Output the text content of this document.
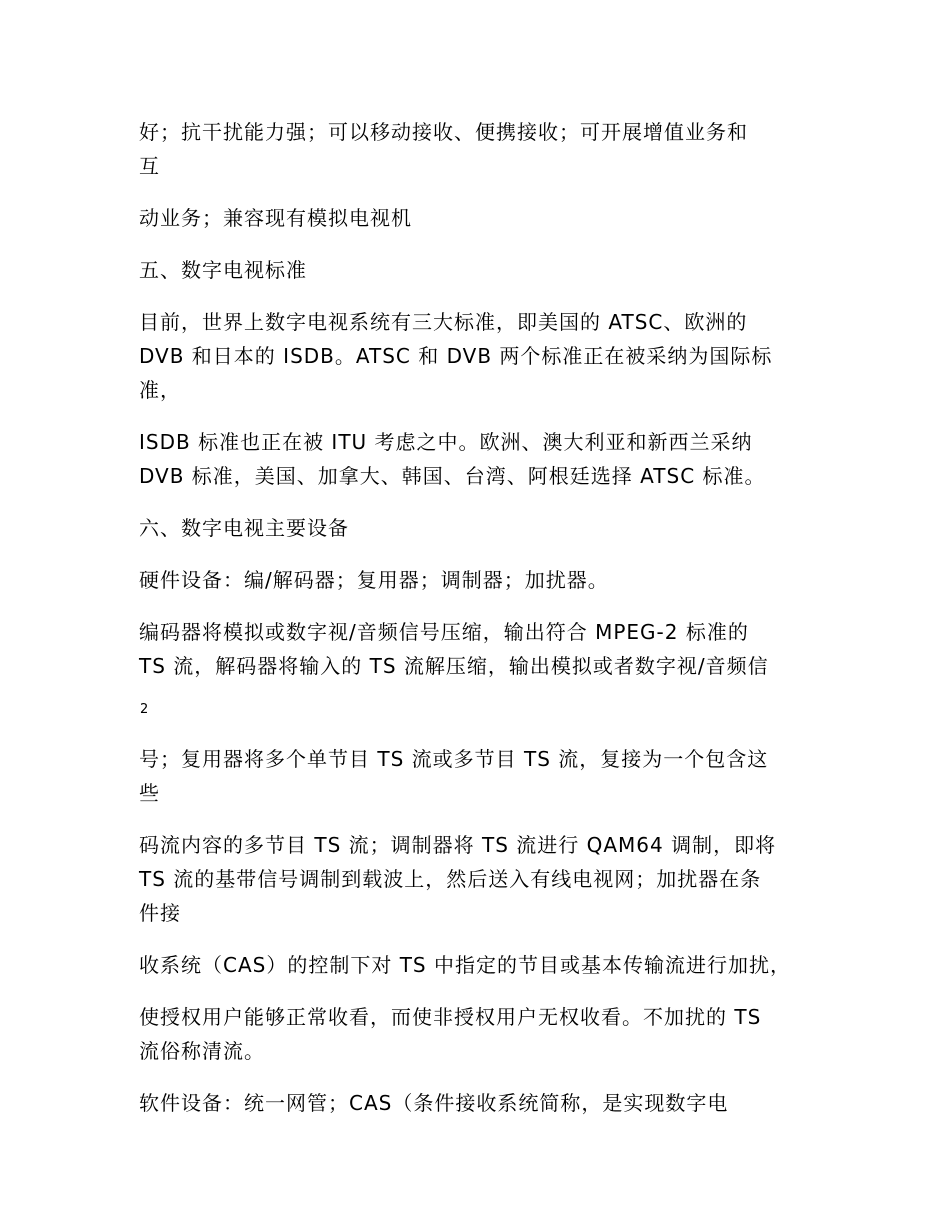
好；抗干扰能力强；可以移动接收、便携接收；可开展增值业务和
互

动业务；兼容现有模拟电视机

五、数字电视标准

目前，世界上数字电视系统有三大标准，即美国的 ATSC、欧洲的
DVB 和日本的 ISDB。ATSC 和 DVB 两个标准正在被采纳为国际标
准，

ISDB 标准也正在被 ITU 考虑之中。欧洲、澳大利亚和新西兰采纳
DVB 标准，美国、加拿大、韩国、台湾、阿根廷选择 ATSC 标准。

六、数字电视主要设备

硬件设备：编/解码器；复用器；调制器；加扰器。

编码器将模拟或数字视/音频信号压缩，输出符合 MPEG-2 标准的
TS 流，解码器将输入的 TS 流解压缩，输出模拟或者数字视/音频信

2

号；复用器将多个单节目 TS 流或多节目 TS 流，复接为一个包含这
些

码流内容的多节目 TS 流；调制器将 TS 流进行 QAM64 调制，即将
TS 流的基带信号调制到载波上，然后送入有线电视网；加扰器在条
件接

收系统（CAS）的控制下对 TS 中指定的节目或基本传输流进行加扰，

使授权用户能够正常收看，而使非授权用户无权收看。不加扰的 TS
流俗称清流。

软件设备：统一网管；CAS（条件接收系统简称，是实现数字电
